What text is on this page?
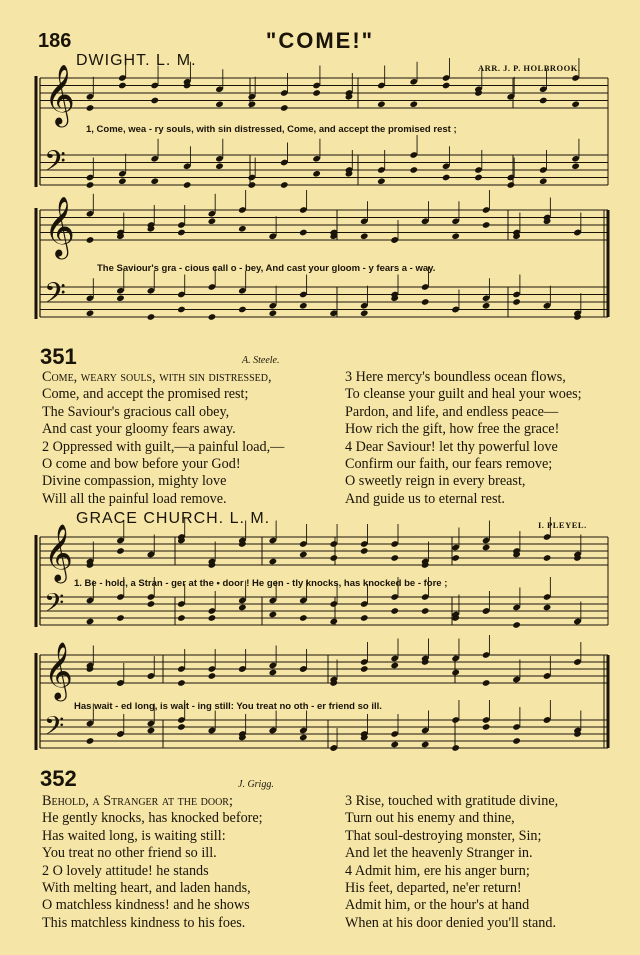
186	"COME!"
DWIGHT. L. M.	ARR. J. P. HOLBROOK.
𝄞
𝄢
𝄞
𝄢
𝄞
𝄢
𝄞
𝄢
1, Come, wea - ry souls, with sin distressed, Come, and accept the promised rest ;
The Saviour's gra - cious call o - bey, And cast your gloom - y fears a - way.
351	A. Steele.
Come, weary souls, with sin distressed,
Come, and accept the promised rest;
The Saviour's gracious call obey,
And cast your gloomy fears away.
2 Oppressed with guilt,—a painful load,—
O come and bow before your God!
Divine compassion, mighty love
Will all the painful load remove.
3 Here mercy's boundless ocean flows,
To cleanse your guilt and heal your woes;
Pardon, and life, and endless peace—
How rich the gift, how free the grace!
4 Dear Saviour! let thy powerful love
Confirm our faith, our fears remove;
O sweetly reign in every breast,
And guide us to eternal rest.
GRACE CHURCH. L. M.	I. PLEYEL.
1. Be - hold, a Stran - ger at the • door ! He gen - tly knocks, has knocked be - fore ;
Has wait - ed long, is wait - ing still: You treat no oth - er friend so ill.
352	J. Grigg.
Behold, a Stranger at the door;
He gently knocks, has knocked before;
Has waited long, is waiting still:
You treat no other friend so ill.
2 O lovely attitude! he stands
With melting heart, and laden hands,
O matchless kindness! and he shows
This matchless kindness to his foes.
3 Rise, touched with gratitude divine,
Turn out his enemy and thine,
That soul-destroying monster, Sin;
And let the heavenly Stranger in.
4 Admit him, ere his anger burn;
His feet, departed, ne'er return!
Admit him, or the hour's at hand
When at his door denied you'll stand.
